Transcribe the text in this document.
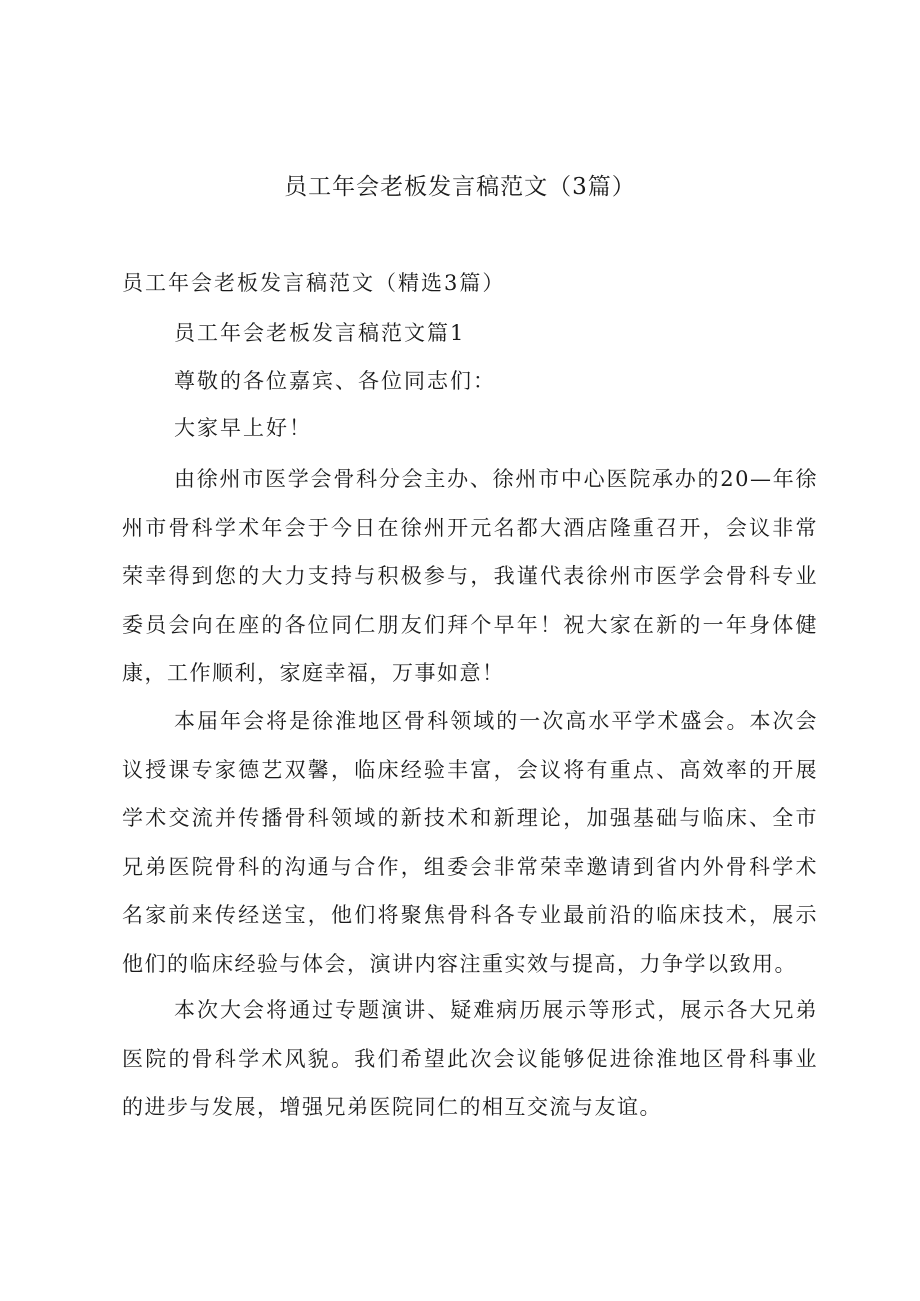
员工年会老板发言稿范文（3篇）

员工年会老板发言稿范文（精选3篇）

员工年会老板发言稿范文篇1

尊敬的各位嘉宾、各位同志们：

大家早上好！

由徐州市医学会骨科分会主办、徐州市中心医院承办的20—年徐州市骨科学术年会于今日在徐州开元名都大酒店隆重召开，会议非常荣幸得到您的大力支持与积极参与，我谨代表徐州市医学会骨科专业委员会向在座的各位同仁朋友们拜个早年！祝大家在新的一年身体健康，工作顺利，家庭幸福，万事如意！

本届年会将是徐淮地区骨科领域的一次高水平学术盛会。本次会议授课专家德艺双馨，临床经验丰富，会议将有重点、高效率的开展学术交流并传播骨科领域的新技术和新理论，加强基础与临床、全市兄弟医院骨科的沟通与合作，组委会非常荣幸邀请到省内外骨科学术名家前来传经送宝，他们将聚焦骨科各专业最前沿的临床技术，展示他们的临床经验与体会，演讲内容注重实效与提高，力争学以致用。

本次大会将通过专题演讲、疑难病历展示等形式，展示各大兄弟医院的骨科学术风貌。我们希望此次会议能够促进徐淮地区骨科事业的进步与发展，增强兄弟医院同仁的相互交流与友谊。
